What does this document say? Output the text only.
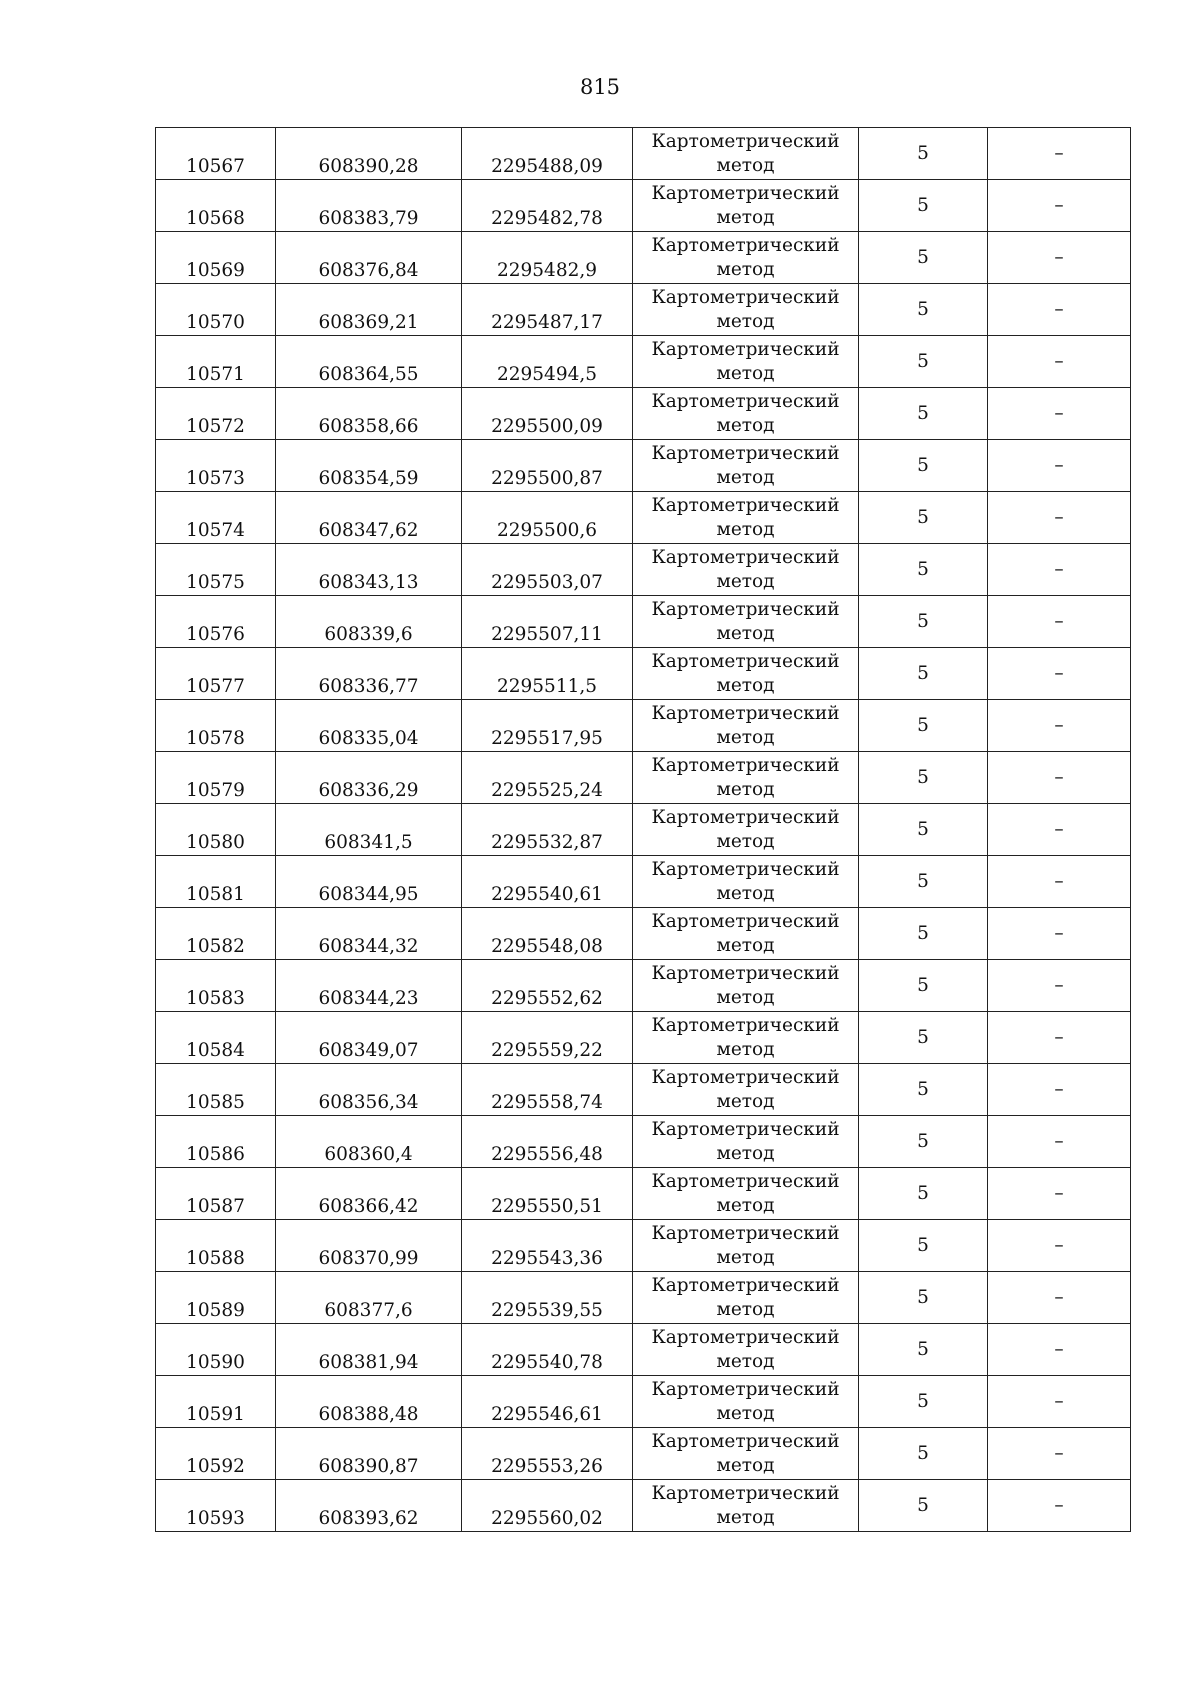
815
10567	608390,28	2295488,09	Картометрический метод	5	–
10568	608383,79	2295482,78	Картометрический метод	5	–
10569	608376,84	2295482,9	Картометрический метод	5	–
10570	608369,21	2295487,17	Картометрический метод	5	–
10571	608364,55	2295494,5	Картометрический метод	5	–
10572	608358,66	2295500,09	Картометрический метод	5	–
10573	608354,59	2295500,87	Картометрический метод	5	–
10574	608347,62	2295500,6	Картометрический метод	5	–
10575	608343,13	2295503,07	Картометрический метод	5	–
10576	608339,6	2295507,11	Картометрический метод	5	–
10577	608336,77	2295511,5	Картометрический метод	5	–
10578	608335,04	2295517,95	Картометрический метод	5	–
10579	608336,29	2295525,24	Картометрический метод	5	–
10580	608341,5	2295532,87	Картометрический метод	5	–
10581	608344,95	2295540,61	Картометрический метод	5	–
10582	608344,32	2295548,08	Картометрический метод	5	–
10583	608344,23	2295552,62	Картометрический метод	5	–
10584	608349,07	2295559,22	Картометрический метод	5	–
10585	608356,34	2295558,74	Картометрический метод	5	–
10586	608360,4	2295556,48	Картометрический метод	5	–
10587	608366,42	2295550,51	Картометрический метод	5	–
10588	608370,99	2295543,36	Картометрический метод	5	–
10589	608377,6	2295539,55	Картометрический метод	5	–
10590	608381,94	2295540,78	Картометрический метод	5	–
10591	608388,48	2295546,61	Картометрический метод	5	–
10592	608390,87	2295553,26	Картометрический метод	5	–
10593	608393,62	2295560,02	Картометрический метод	5	–
